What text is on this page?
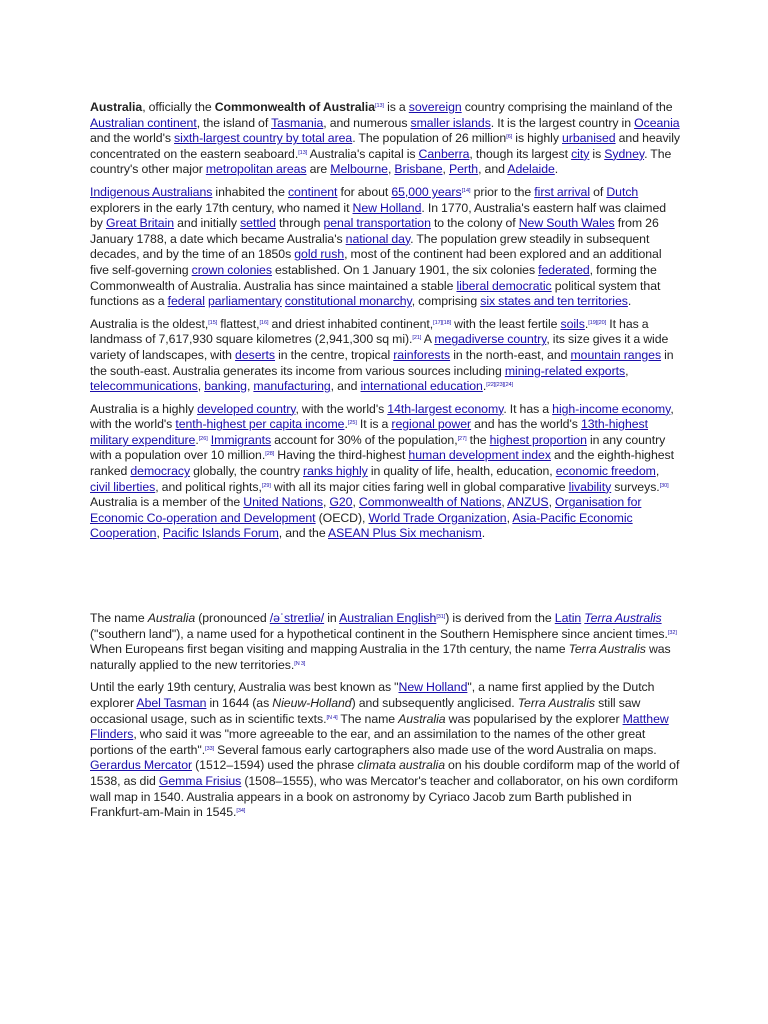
Australia, officially the Commonwealth of Australia[13] is a sovereign country comprising the mainland of the Australian continent, the island of Tasmania, and numerous smaller islands. It is the largest country in Oceania and the world's sixth-largest country by total area. The population of 26 million[6] is highly urbanised and heavily concentrated on the eastern seaboard.[13] Australia's capital is Canberra, though its largest city is Sydney. The country's other major metropolitan areas are Melbourne, Brisbane, Perth, and Adelaide.

Indigenous Australians inhabited the continent for about 65,000 years[14] prior to the first arrival of Dutch explorers in the early 17th century, who named it New Holland. In 1770, Australia's eastern half was claimed by Great Britain and initially settled through penal transportation to the colony of New South Wales from 26 January 1788, a date which became Australia's national day. The population grew steadily in subsequent decades, and by the time of an 1850s gold rush, most of the continent had been explored and an additional five self-governing crown colonies established. On 1 January 1901, the six colonies federated, forming the Commonwealth of Australia. Australia has since maintained a stable liberal democratic political system that functions as a federal parliamentary constitutional monarchy, comprising six states and ten territories.

Australia is the oldest,[15] flattest,[16] and driest inhabited continent,[17][18] with the least fertile soils.[19][20] It has a landmass of 7,617,930 square kilometres (2,941,300 sq mi).[21] A megadiverse country, its size gives it a wide variety of landscapes, with deserts in the centre, tropical rainforests in the north-east, and mountain ranges in the south-east. Australia generates its income from various sources including mining-related exports, telecommunications, banking, manufacturing, and international education.[22][23][24]

Australia is a highly developed country, with the world's 14th-largest economy. It has a high-income economy, with the world's tenth-highest per capita income.[25] It is a regional power and has the world's 13th-highest military expenditure.[26] Immigrants account for 30% of the population,[27] the highest proportion in any country with a population over 10 million.[28] Having the third-highest human development index and the eighth-highest ranked democracy globally, the country ranks highly in quality of life, health, education, economic freedom, civil liberties, and political rights,[29] with all its major cities faring well in global comparative livability surveys.[30] Australia is a member of the United Nations, G20, Commonwealth of Nations, ANZUS, Organisation for Economic Co-operation and Development (OECD), World Trade Organization, Asia-Pacific Economic Cooperation, Pacific Islands Forum, and the ASEAN Plus Six mechanism.

The name Australia (pronounced /əˈstreɪliə/ in Australian English[31]) is derived from the Latin Terra Australis ("southern land"), a name used for a hypothetical continent in the Southern Hemisphere since ancient times.[32] When Europeans first began visiting and mapping Australia in the 17th century, the name Terra Australis was naturally applied to the new territories.[N 3]

Until the early 19th century, Australia was best known as "New Holland", a name first applied by the Dutch explorer Abel Tasman in 1644 (as Nieuw-Holland) and subsequently anglicised. Terra Australis still saw occasional usage, such as in scientific texts.[N 4] The name Australia was popularised by the explorer Matthew Flinders, who said it was "more agreeable to the ear, and an assimilation to the names of the other great portions of the earth".[33] Several famous early cartographers also made use of the word Australia on maps. Gerardus Mercator (1512–1594) used the phrase climata australia on his double cordiform map of the world of 1538, as did Gemma Frisius (1508–1555), who was Mercator's teacher and collaborator, on his own cordiform wall map in 1540. Australia appears in a book on astronomy by Cyriaco Jacob zum Barth published in Frankfurt-am-Main in 1545.[34]
